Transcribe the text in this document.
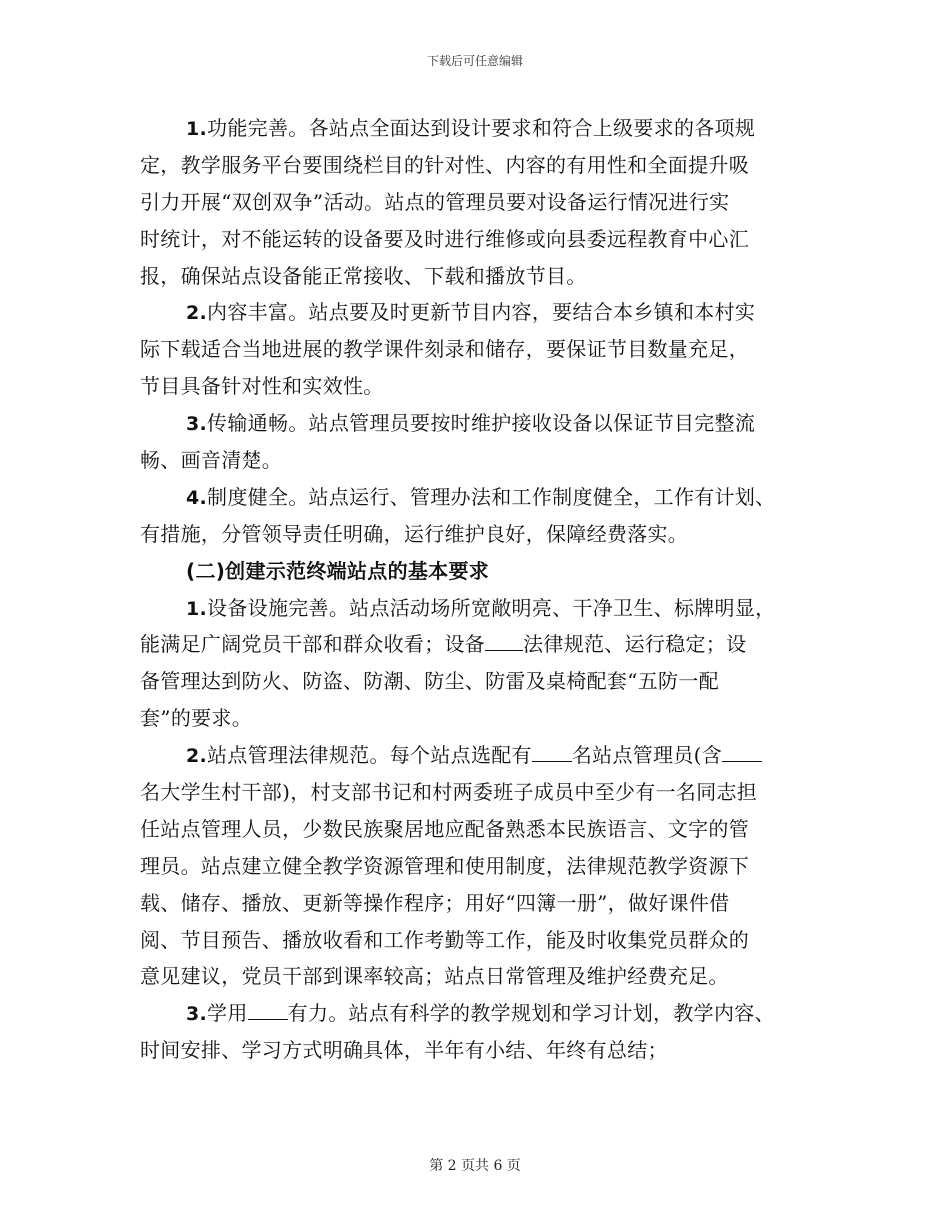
下载后可任意编辑
1.功能完善。各站点全面达到设计要求和符合上级要求的各项规
定，教学服务平台要围绕栏目的针对性、内容的有用性和全面提升吸
引力开展“双创双争”活动。站点的管理员要对设备运行情况进行实
时统计，对不能运转的设备要及时进行维修或向县委远程教育中心汇
报，确保站点设备能正常接收、下载和播放节目。
2.内容丰富。站点要及时更新节目内容，要结合本乡镇和本村实
际下载适合当地进展的教学课件刻录和储存，要保证节目数量充足，
节目具备针对性和实效性。
3.传输通畅。站点管理员要按时维护接收设备以保证节目完整流
畅、画音清楚。
4.制度健全。站点运行、管理办法和工作制度健全，工作有计划、
有措施，分管领导责任明确，运行维护良好，保障经费落实。
(二)创建示范终端站点的基本要求
1.设备设施完善。站点活动场所宽敞明亮、干净卫生、标牌明显，
能满足广阔党员干部和群众收看；设备 法律规范、运行稳定；设
备管理达到防火、防盗、防潮、防尘、防雷及桌椅配套“五防一配
套”的要求。
2.站点管理法律规范。每个站点选配有 名站点管理员(含
名大学生村干部)，村支部书记和村两委班子成员中至少有一名同志担
任站点管理人员，少数民族聚居地应配备熟悉本民族语言、文字的管
理员。站点建立健全教学资源管理和使用制度，法律规范教学资源下
载、储存、播放、更新等操作程序；用好“四簿一册”，做好课件借
阅、节目预告、播放收看和工作考勤等工作，能及时收集党员群众的
意见建议，党员干部到课率较高；站点日常管理及维护经费充足。
3.学用 有力。站点有科学的教学规划和学习计划，教学内容、
时间安排、学习方式明确具体，半年有小结、年终有总结；
第 2 页共 6 页
